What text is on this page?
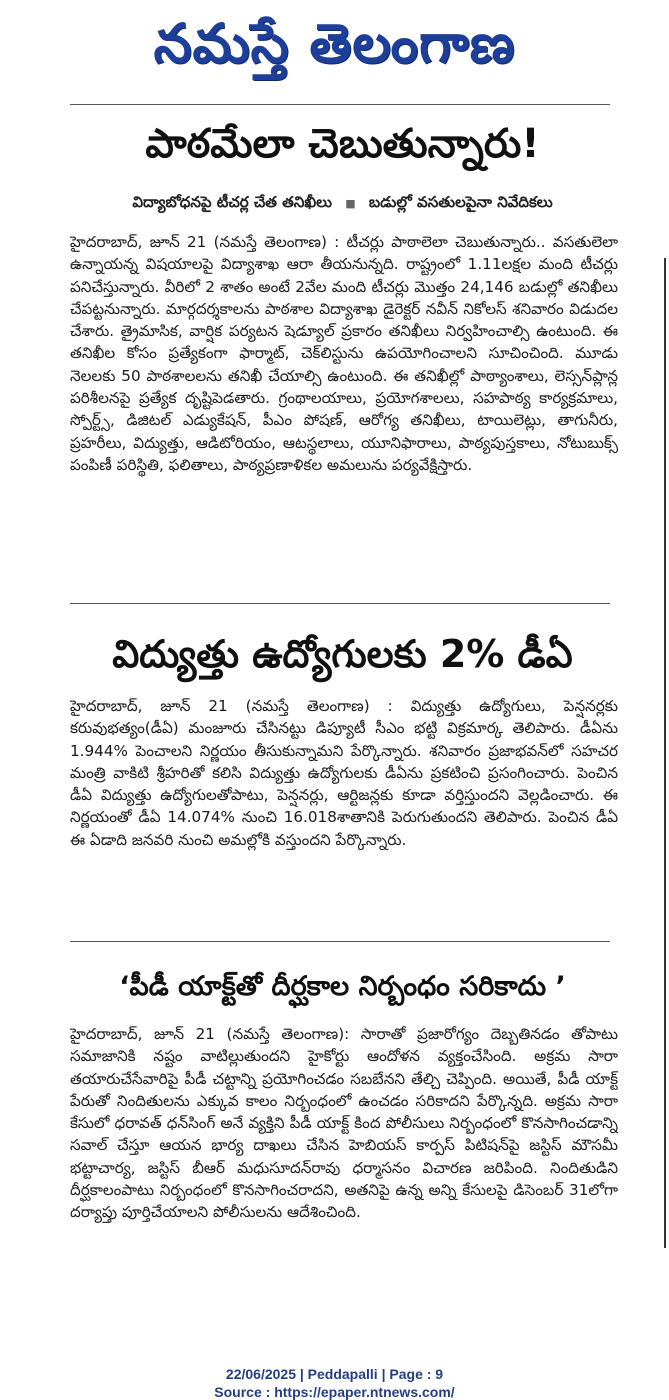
నమస్తే తెలంగాణ
పాఠమేలా చెబుతున్నారు!
విద్యాబోధనపై టీచర్ల చేత తనిఖీలు ■ బడుల్లో వసతులపైనా నివేదికలు
హైదరాబాద్, జూన్ 21 (నమస్తే తెలంగాణ) : టీచర్లు పాఠాలెలా చెబుతున్నారు.. వసతులెలా ఉన్నాయన్న విషయాలపై విద్యాశాఖ ఆరా తీయనున్నది. రాష్ట్రంలో 1.11లక్షల మంది టీచర్లు పనిచేస్తున్నారు. వీరిలో 2 శాతం అంటే 2వేల మంది టీచర్లు మొత్తం 24,146 బడుల్లో తనిఖీలు చేపట్టనున్నారు. మార్గదర్శకాలను పాఠశాల విద్యాశాఖ డైరెక్టర్ నవీన్ నికోలస్ శనివారం విడుదల చేశారు. త్రైమాసిక, వార్షిక పర్యటన షెడ్యూల్ ప్రకారం తనిఖీలు నిర్వహించాల్సి ఉంటుంది. ఈ తనిఖీల కోసం ప్రత్యేకంగా ఫార్మాట్, చెక్‌లిస్టును ఉపయోగించాలని సూచించింది. మూడు నెలలకు 50 పాఠశాలలను తనిఖీ చేయాల్సి ఉంటుంది. ఈ తనిఖీల్లో పాఠ్యాంశాలు, లెస్సన్‌ప్లాన్ల పరిశీలనపై ప్రత్యేక దృష్టిపెడతారు. గ్రంథాలయాలు, ప్రయోగశాలలు, సహపాఠ్య కార్యక్రమాలు, స్పోర్ట్స్, డిజిటల్ ఎడ్యుకేషన్, పీఎం పోషణ్, ఆరోగ్య తనిఖీలు, టాయిలెట్లు, తాగునీరు, ప్రహరీలు, విద్యుత్తు, ఆడిటోరియం, ఆటస్థలాలు, యూనిఫారాలు, పాఠ్యపుస్తకాలు, నోటుబుక్స్ పంపిణీ పరిస్థితి, ఫలితాలు, పాఠ్యప్రణాళికల అమలును పర్యవేక్షిస్తారు.
విద్యుత్తు ఉద్యోగులకు 2% డీఏ
హైదరాబాద్, జూన్ 21 (నమస్తే తెలంగాణ) : విద్యుత్తు ఉద్యోగులు, పెన్షనర్లకు కరువుభత్యం(డీఏ) మంజూరు చేసినట్టు డిప్యూటీ సీఎం భట్టి విక్రమార్క తెలిపారు. డీఏను 1.944% పెంచాలని నిర్ణయం తీసుకున్నామని పేర్కొన్నారు. శనివారం ప్రజాభవన్‌లో సహచర మంత్రి వాకిటి శ్రీహరితో కలిసి విద్యుత్తు ఉద్యోగులకు డీఏను ప్రకటించి ప్రసంగించారు. పెంచిన డీఏ విద్యుత్తు ఉద్యోగులతోపాటు, పెన్షనర్లు, ఆర్టిజన్లకు కూడా వర్తిస్తుందని వెల్లడించారు. ఈ నిర్ణయంతో డీఏ 14.074% నుంచి 16.018శాతానికి పెరుగుతుందని తెలిపారు. పెంచిన డీఏ ఈ ఏడాది జనవరి నుంచి అమల్లోకి వస్తుందని పేర్కొన్నారు.
‘పీడీ యాక్ట్‌తో దీర్ఘకాల నిర్బంధం సరికాదు ’
హైదరాబాద్, జూన్ 21 (నమస్తే తెలంగాణ): సారాతో ప్రజారోగ్యం దెబ్బతినడం తోపాటు సమాజానికి నష్టం వాటిల్లుతుందని హైకోర్టు ఆందోళన వ్యక్తంచేసింది. అక్రమ సారా తయారుచేసేవారిపై పీడీ చట్టాన్ని ప్రయోగించడం సబబేనని తేల్చి చెప్పింది. అయితే, పీడీ యాక్ట్ పేరుతో నిందితులను ఎక్కువ కాలం నిర్బంధంలో ఉంచడం సరికాదని పేర్కొన్నది. అక్రమ సారా కేసులో ధరావత్ ధన్‌సింగ్ అనే వ్యక్తిని పీడీ యాక్ట్ కింద పోలీసులు నిర్బంధంలో కొనసాగించడాన్ని సవాల్ చేస్తూ ఆయన భార్య దాఖలు చేసిన హెబియస్ కార్పస్ పిటిషన్‌పై జస్టిస్ మౌసమీ భట్టాచార్య, జస్టిస్ బీఆర్ మధుసూదన్‌రావు ధర్మాసనం విచారణ జరిపింది. నిందితుడిని దీర్ఘకాలంపాటు నిర్బంధంలో కొనసాగించరాదని, అతనిపై ఉన్న అన్ని కేసులపై డిసెంబర్ 31లోగా దర్యాప్తు పూర్తిచేయాలని పోలీసులను ఆదేశించింది.
22/06/2025 | Peddapalli | Page : 9
Source : https://epaper.ntnews.com/
